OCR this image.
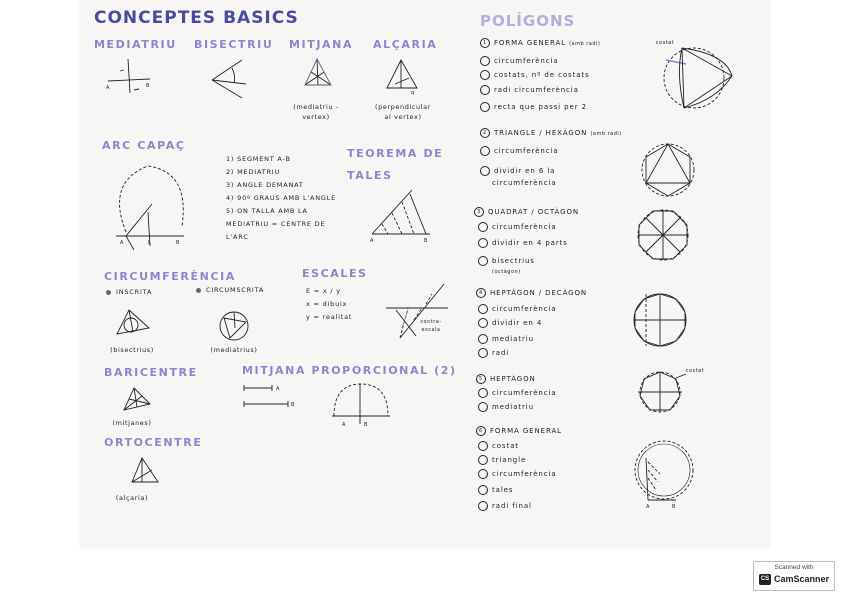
CONCEPTES BASICS
MEDIATRIU BISECTRIU MITJANA ALÇARIA
A	B
q
(mediatriu -
vertex)
(perpendicular
al vertex)
ARC CAPAÇ
A	B
L
1) SEGMENT A-B
2) MEDIATRIU
3) ANGLE DEMANAT
4) 90º GRAUS AMB L'ANGLE
5) ON TALLA AMB LA
MEDIATRIU = CENTRE DE
L'ARC
TEOREMA DE
TALES
A	B
CIRCUMFERÈNCIA
INSCRITA	CIRCUMSCRITA
(bisectrius)	(mediatrius)
ESCALES
E = x / y
x = dibuix
y = realitat
contra-
escala
BARICENTRE
(mitjanes)
MITJANA PROPORCIONAL (2)
A
B
A	B
ORTOCENTRE
(alçaria)
POLÍGONS
1 FORMA GENERAL (amb radi)
circumferència
costats, nº de costats
radi circumferència
recta que passi per 2
costat
2 TRIANGLE / HEXÀGON (amb radi)
circumferència
dividir en 6 la
circumferència
3 QUADRAT / OCTÀGON
circumferència
dividir en 4 parts
bisectrius
(octàgon)
4 HEPTÀGON / DECÀGON
circumferència
dividir en 4
mediatriu
radi
5 HEPTÀGON
circumferència
mediatriu
costat
6 FORMA GENERAL
costat
triangle
circumferència
tales
radi final	A	B
Scanned with
CS CamScanner
